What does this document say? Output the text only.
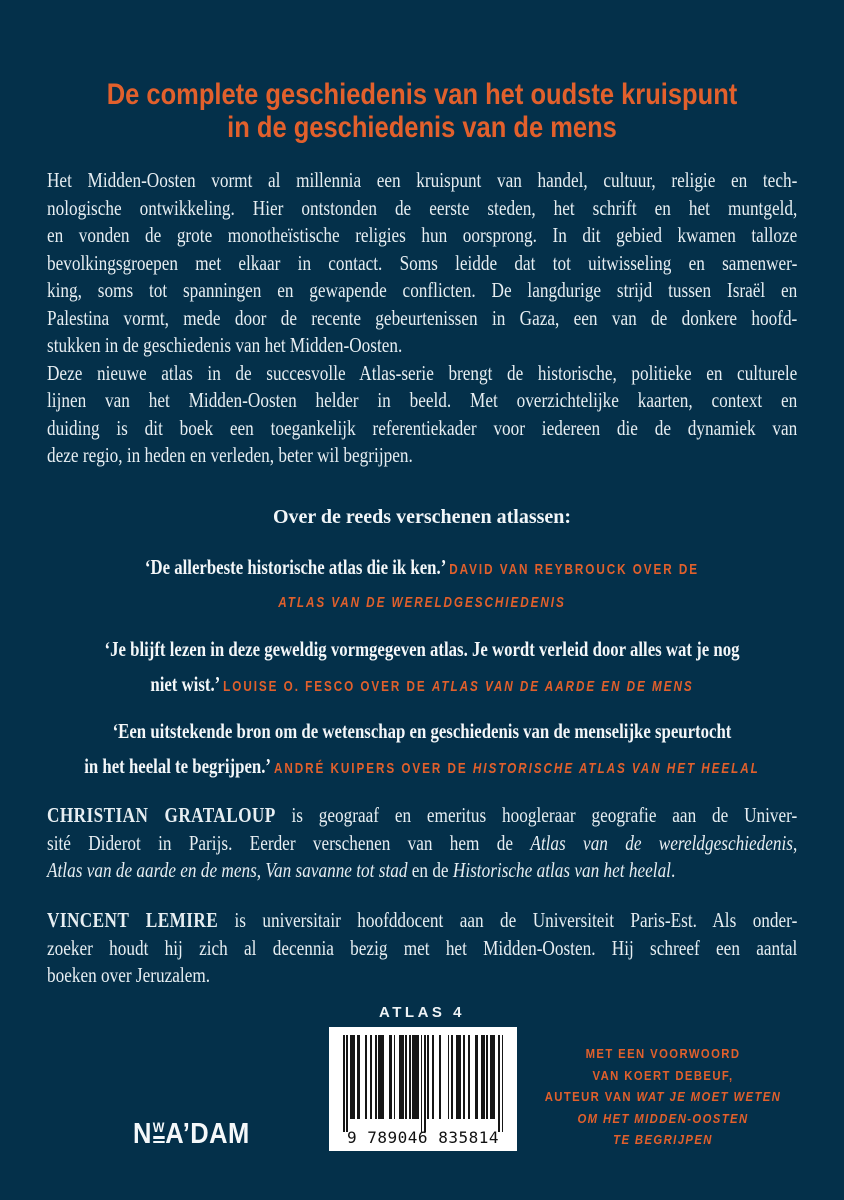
De complete geschiedenis van het oudste kruispunt
in de geschiedenis van de mens
Het Midden-Oosten vormt al millennia een kruispunt van handel, cultuur, religie en tech-
nologische ontwikkeling. Hier ontstonden de eerste steden, het schrift en het muntgeld,
en vonden de grote monotheïstische religies hun oorsprong. In dit gebied kwamen talloze
bevolkingsgroepen met elkaar in contact. Soms leidde dat tot uitwisseling en samenwer-
king, soms tot spanningen en gewapende conflicten. De langdurige strijd tussen Israël en
Palestina vormt, mede door de recente gebeurtenissen in Gaza, een van de donkere hoofd-
stukken in de geschiedenis van het Midden-Oosten.
Deze nieuwe atlas in de succesvolle Atlas-serie brengt de historische, politieke en culturele
lijnen van het Midden-Oosten helder in beeld. Met overzichtelijke kaarten, context en
duiding is dit boek een toegankelijk referentiekader voor iedereen die de dynamiek van
deze regio, in heden en verleden, beter wil begrijpen.
Over de reeds verschenen atlassen:
‘De allerbeste historische atlas die ik ken.’ DAVID VAN REYBROUCK OVER DE
ATLAS VAN DE WERELDGESCHIEDENIS
‘Je blijft lezen in deze geweldig vormgegeven atlas. Je wordt verleid door alles wat je nog
niet wist.’ LOUISE O. FESCO OVER DE ATLAS VAN DE AARDE EN DE MENS
‘Een uitstekende bron om de wetenschap en geschiedenis van de menselijke speurtocht
in het heelal te begrijpen.’ ANDRÉ KUIPERS OVER DE HISTORISCHE ATLAS VAN HET HEELAL
CHRISTIAN GRATALOUP is geograaf en emeritus hoogleraar geografie aan de Univer-
sité Diderot in Parijs. Eerder verschenen van hem de Atlas van de wereldgeschiedenis,
Atlas van de aarde en de mens, Van savanne tot stad en de Historische atlas van het heelal.
VINCENT LEMIRE is universitair hoofddocent aan de Universiteit Paris-Est. Als onder-
zoeker houdt hij zich al decennia bezig met het Midden-Oosten. Hij schreef een aantal
boeken over Jeruzalem.
ATLAS 4
9 789046 835814
MET EEN VOORWOORD
VAN KOERT DEBEUF,
AUTEUR VAN WAT JE MOET WETEN
OM HET MIDDEN-OOSTEN
TE BEGRIJPEN
N W A’DAM
